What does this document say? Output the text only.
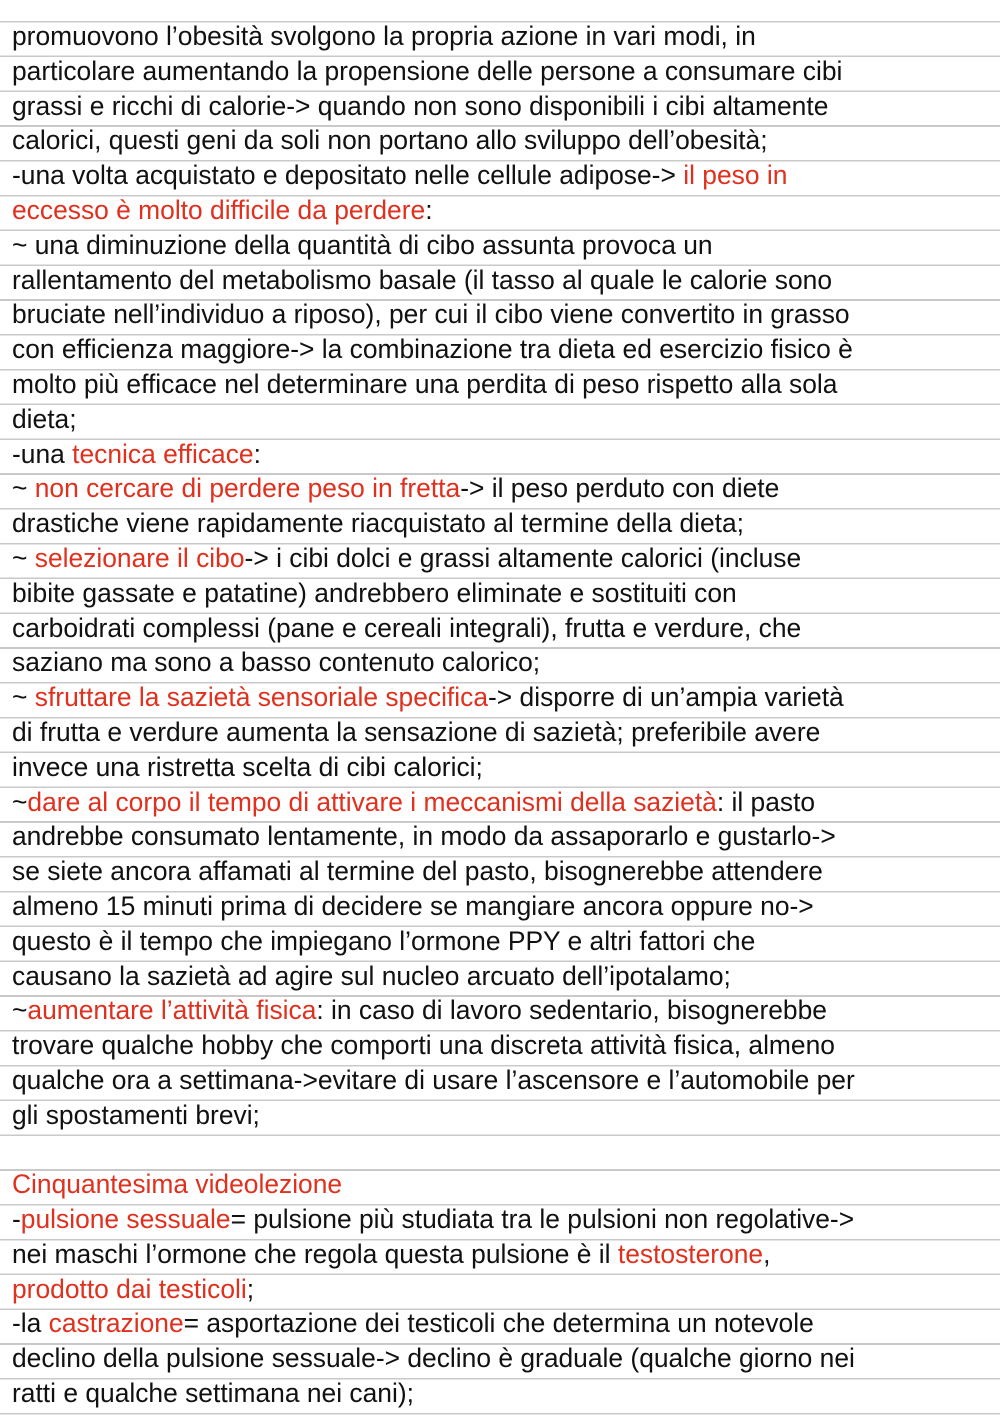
promuovono l’obesità svolgono la propria azione in vari modi, in
particolare aumentando la propensione delle persone a consumare cibi
grassi e ricchi di calorie-> quando non sono disponibili i cibi altamente
calorici, questi geni da soli non portano allo sviluppo dell’obesità;
-una volta acquistato e depositato nelle cellule adipose-> il peso in
eccesso è molto difficile da perdere:
~ una diminuzione della quantità di cibo assunta provoca un
rallentamento del metabolismo basale (il tasso al quale le calorie sono
bruciate nell’individuo a riposo), per cui il cibo viene convertito in grasso
con efficienza maggiore-> la combinazione tra dieta ed esercizio fisico è
molto più efficace nel determinare una perdita di peso rispetto alla sola
dieta;
-una tecnica efficace:
~ non cercare di perdere peso in fretta-> il peso perduto con diete
drastiche viene rapidamente riacquistato al termine della dieta;
~ selezionare il cibo-> i cibi dolci e grassi altamente calorici (incluse
bibite gassate e patatine) andrebbero eliminate e sostituiti con
carboidrati complessi (pane e cereali integrali), frutta e verdure, che
saziano ma sono a basso contenuto calorico;
~ sfruttare la sazietà sensoriale specifica-> disporre di un’ampia varietà
di frutta e verdure aumenta la sensazione di sazietà; preferibile avere
invece una ristretta scelta di cibi calorici;
~dare al corpo il tempo di attivare i meccanismi della sazietà: il pasto
andrebbe consumato lentamente, in modo da assaporarlo e gustarlo->
se siete ancora affamati al termine del pasto, bisognerebbe attendere
almeno 15 minuti prima di decidere se mangiare ancora oppure no->
questo è il tempo che impiegano l’ormone PPY e altri fattori che
causano la sazietà ad agire sul nucleo arcuato dell’ipotalamo;
~aumentare l’attività fisica: in caso di lavoro sedentario, bisognerebbe
trovare qualche hobby che comporti una discreta attività fisica, almeno
qualche ora a settimana->evitare di usare l’ascensore e l’automobile per
gli spostamenti brevi;
Cinquantesima videolezione
-pulsione sessuale= pulsione più studiata tra le pulsioni non regolative->
nei maschi l’ormone che regola questa pulsione è il testosterone,
prodotto dai testicoli;
-la castrazione= asportazione dei testicoli che determina un notevole
declino della pulsione sessuale-> declino è graduale (qualche giorno nei
ratti e qualche settimana nei cani);
